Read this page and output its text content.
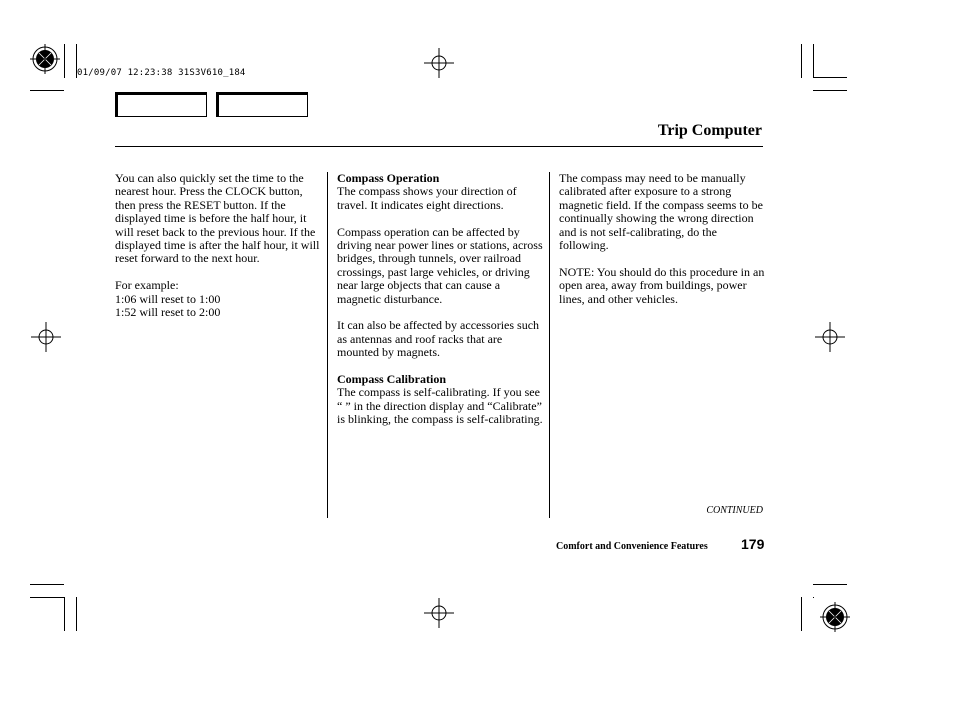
01/09/07 12:23:38 31S3V610_184
Trip Computer

You can also quickly set the time to the nearest hour. Press the CLOCK button, then press the RESET button. If the displayed time is before the half hour, it will reset back to the previous hour. If the displayed time is after the half hour, it will reset forward to the next hour.

For example:
1:06 will reset to 1:00
1:52 will reset to 2:00

Compass Operation
The compass shows your direction of travel. It indicates eight directions.

Compass operation can be affected by driving near power lines or stations, across bridges, through tunnels, over railroad crossings, past large vehicles, or driving near large objects that can cause a magnetic disturbance.

It can also be affected by accessories such as antennas and roof racks that are mounted by magnets.

Compass Calibration
The compass is self-calibrating. If you see “ ” in the direction display and “Calibrate” is blinking, the compass is self-calibrating.

The compass may need to be manually calibrated after exposure to a strong magnetic field. If the compass seems to be continually showing the wrong direction and is not self-calibrating, do the following.

NOTE: You should do this procedure in an open area, away from buildings, power lines, and other vehicles.

CONTINUED
Comfort and Convenience Features 179
